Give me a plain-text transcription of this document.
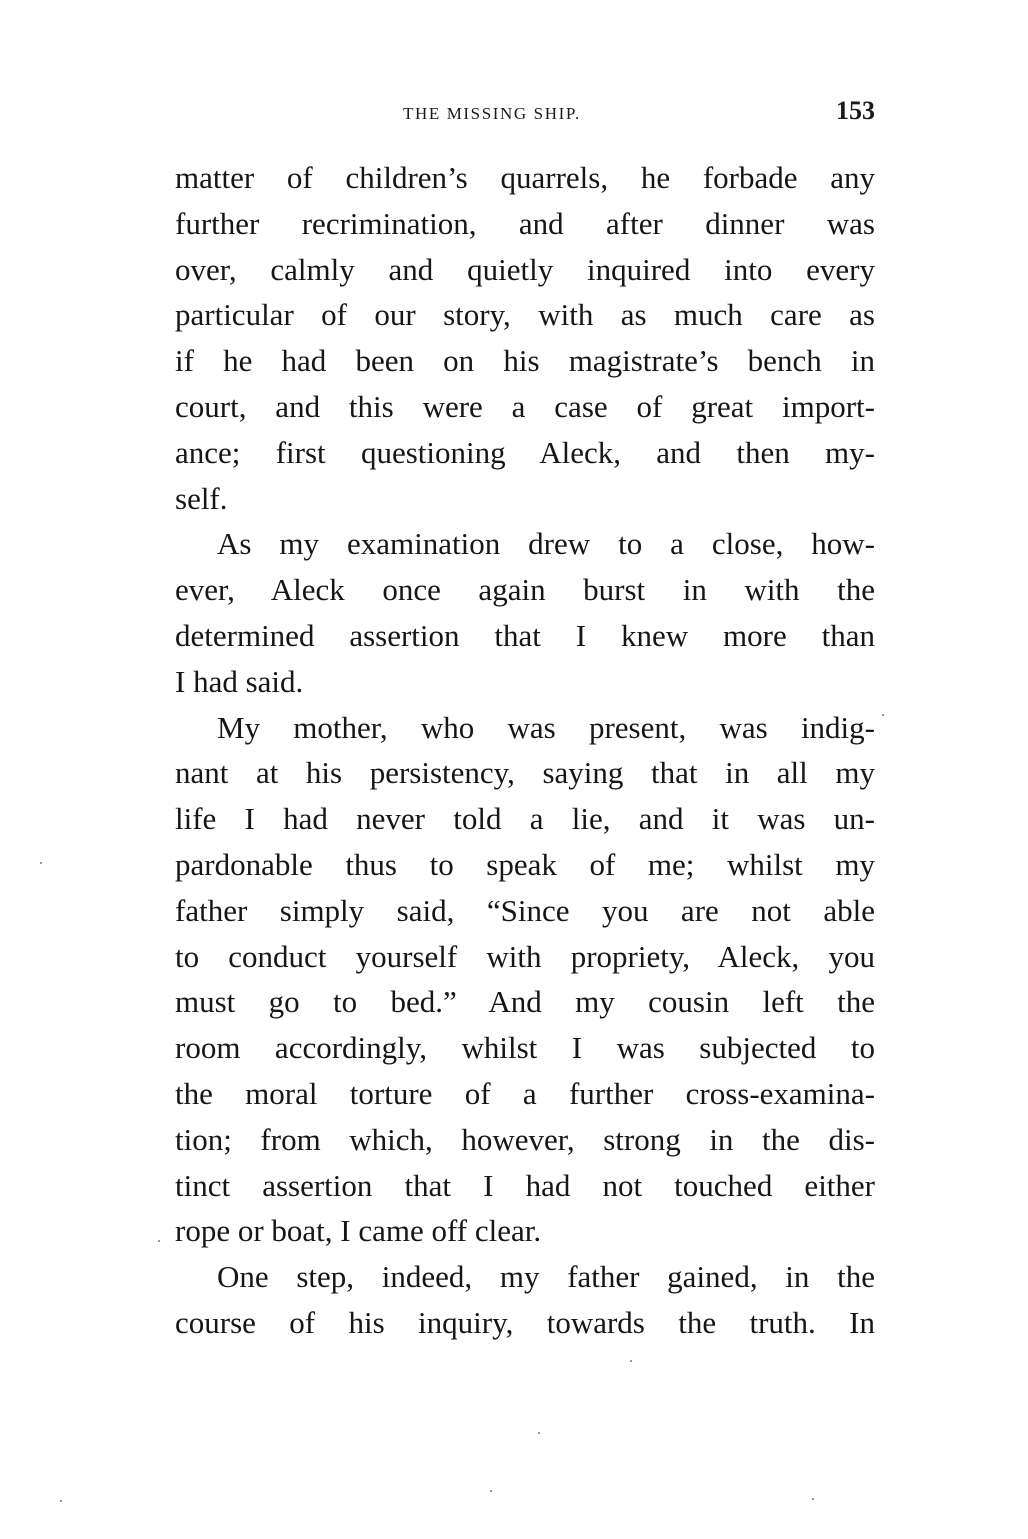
THE MISSING SHIP.	153
matter of children’s quarrels, he forbade any
further recrimination, and after dinner was
over, calmly and quietly inquired into every
particular of our story, with as much care as
if he had been on his magistrate’s bench in
court, and this were a case of great import-
ance; first questioning Aleck, and then my-
self.
As my examination drew to a close, how-
ever, Aleck once again burst in with the
determined assertion that I knew more than
I had said.
My mother, who was present, was indig-
nant at his persistency, saying that in all my
life I had never told a lie, and it was un-
pardonable thus to speak of me; whilst my
father simply said, “Since you are not able
to conduct yourself with propriety, Aleck, you
must go to bed.” And my cousin left the
room accordingly, whilst I was subjected to
the moral torture of a further cross-examina-
tion; from which, however, strong in the dis-
tinct assertion that I had not touched either
rope or boat, I came off clear.
One step, indeed, my father gained, in the
course of his inquiry, towards the truth. In
